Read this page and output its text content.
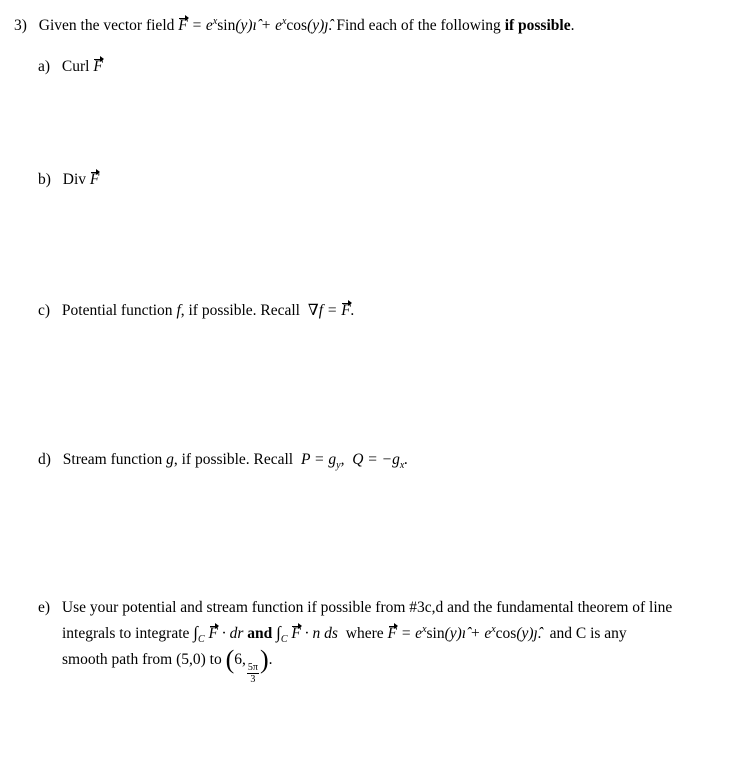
3) Given the vector field $F = e^x\sin(y)ı̂$ + $e^x\cos(y)ȷ̂$. Find each of the following if possible.
a) Curl F
b) Div F
c) Potential function f, if possible. Recall ∇f = F.
d) Stream function g, if possible. Recall $P = g_y$,  $Q = -g_x$.
e) Use your potential and stream function if possible from #3c,d and the fundamental theorem of line
integrals to integrate $\int_C$ F · dr and $\int_C$ F · n ds where $F = e^x\sin(y)ı̂$ + $e^x\cos(y)ȷ̂$. and C is any
smooth path from (5,0) to (6,
$\frac{5\pi}{3}$ ).
